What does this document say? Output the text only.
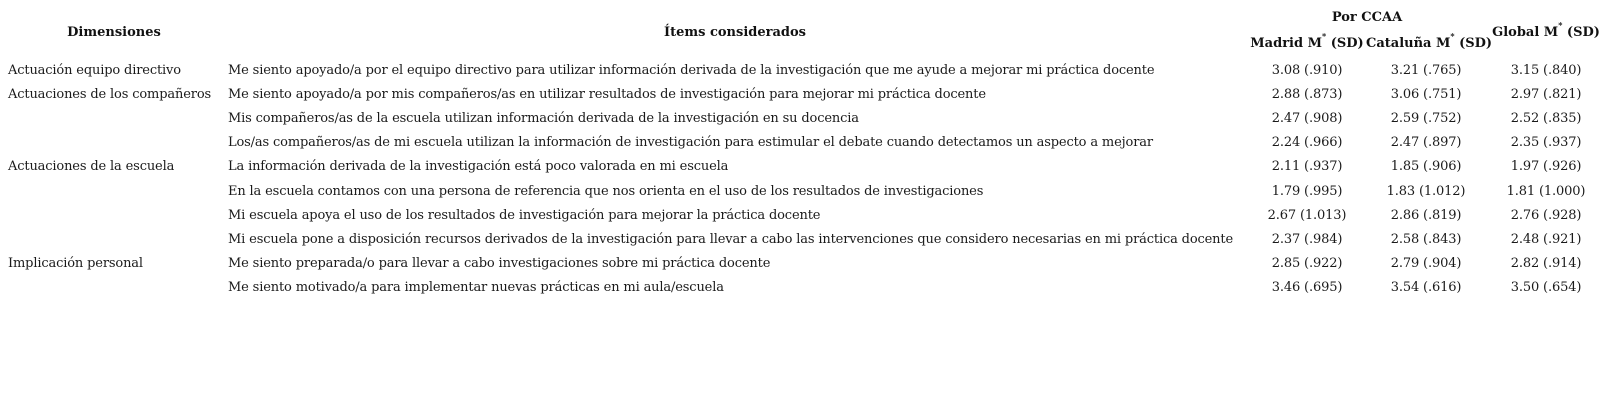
Dimensiones	Ítems considerados	Por CCAA		Global M* (SD)
		Madrid M* (SD)	Cataluña M* (SD)	
Actuación equipo directivo	Me siento apoyado/a por el equipo directivo para utilizar información derivada de la investigación que me ayude a mejorar mi práctica docente	3.08 (.910)	3.21 (.765)	3.15 (.840)
Actuaciones de los compañeros	Me siento apoyado/a por mis compañeros/as en utilizar resultados de investigación para mejorar mi práctica docente	2.88 (.873)	3.06 (.751)	2.97 (.821)
	Mis compañeros/as de la escuela utilizan información derivada de la investigación en su docencia	2.47 (.908)	2.59 (.752)	2.52 (.835)
	Los/as compañeros/as de mi escuela utilizan la información de investigación para estimular el debate cuando detectamos un aspecto a mejorar	2.24 (.966)	2.47 (.897)	2.35 (.937)
Actuaciones de la escuela	La información derivada de la investigación está poco valorada en mi escuela	2.11 (.937)	1.85 (.906)	1.97 (.926)
	En la escuela contamos con una persona de referencia que nos orienta en el uso de los resultados de investigaciones	1.79 (.995)	1.83 (1.012)	1.81 (1.000)
	Mi escuela apoya el uso de los resultados de investigación para mejorar la práctica docente	2.67 (1.013)	2.86 (.819)	2.76 (.928)
	Mi escuela pone a disposición recursos derivados de la investigación para llevar a cabo las intervenciones que considero necesarias en mi práctica docente	2.37 (.984)	2.58 (.843)	2.48 (.921)
Implicación personal	Me siento preparada/o para llevar a cabo investigaciones sobre mi práctica docente	2.85 (.922)	2.79 (.904)	2.82 (.914)
	Me siento motivado/a para implementar nuevas prácticas en mi aula/escuela	3.46 (.695)	3.54 (.616)	3.50 (.654)
